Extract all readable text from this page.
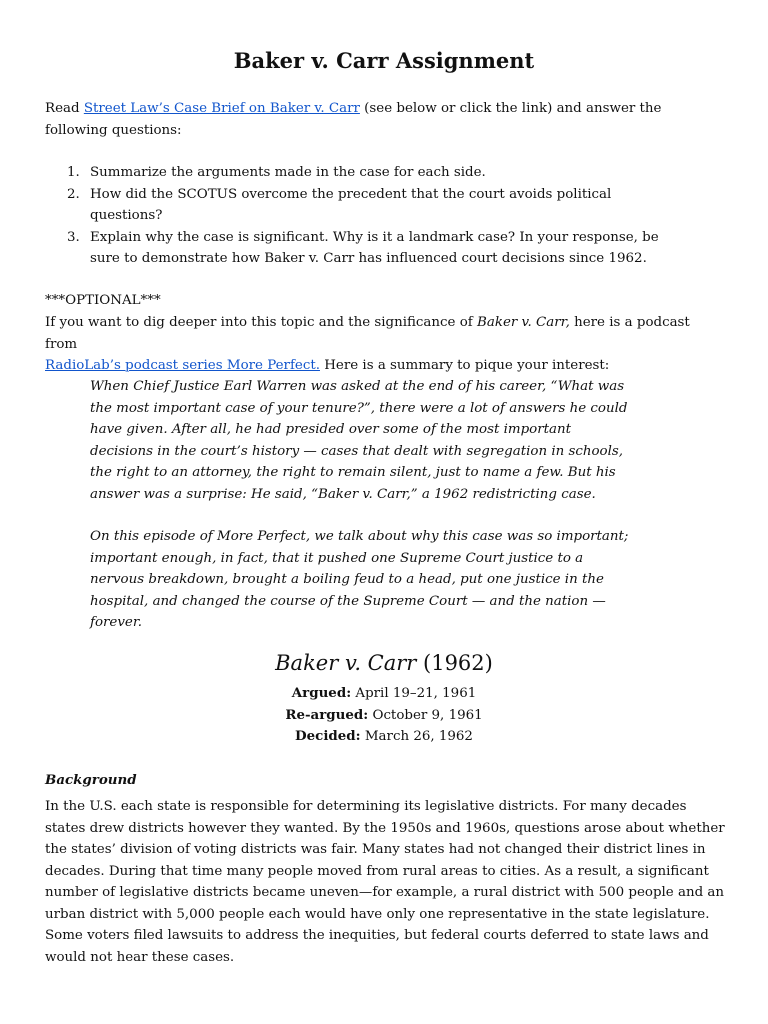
Baker v. Carr Assignment
Read Street Law’s Case Brief on Baker v. Carr (see below or click the link) and answer the following questions:
1. Summarize the arguments made in the case for each side.
2. How did the SCOTUS overcome the precedent that the court avoids political questions?
3. Explain why the case is significant. Why is it a landmark case? In your response, be sure to demonstrate how Baker v. Carr has influenced court decisions since 1962.
***OPTIONAL***
If you want to dig deeper into this topic and the significance of Baker v. Carr, here is a podcast from
RadioLab’s podcast series More Perfect. Here is a summary to pique your interest:
When Chief Justice Earl Warren was asked at the end of his career, “What was the most important case of your tenure?”, there were a lot of answers he could have given. After all, he had presided over some of the most important decisions in the court’s history — cases that dealt with segregation in schools, the right to an attorney, the right to remain silent, just to name a few. But his answer was a surprise: He said, “Baker v. Carr,” a 1962 redistricting case.
On this episode of More Perfect, we talk about why this case was so important; important enough, in fact, that it pushed one Supreme Court justice to a nervous breakdown, brought a boiling feud to a head, put one justice in the hospital, and changed the course of the Supreme Court — and the nation — forever.
Baker v. Carr (1962)
Argued: April 19–21, 1961
Re-argued: October 9, 1961
Decided: March 26, 1962
Background
In the U.S. each state is responsible for determining its legislative districts. For many decades states drew districts however they wanted. By the 1950s and 1960s, questions arose about whether the states’ division of voting districts was fair. Many states had not changed their district lines in decades. During that time many people moved from rural areas to cities. As a result, a significant number of legislative districts became uneven—for example, a rural district with 500 people and an urban district with 5,000 people each would have only one representative in the state legislature. Some voters filed lawsuits to address the inequities, but federal courts deferred to state laws and would not hear these cases.
